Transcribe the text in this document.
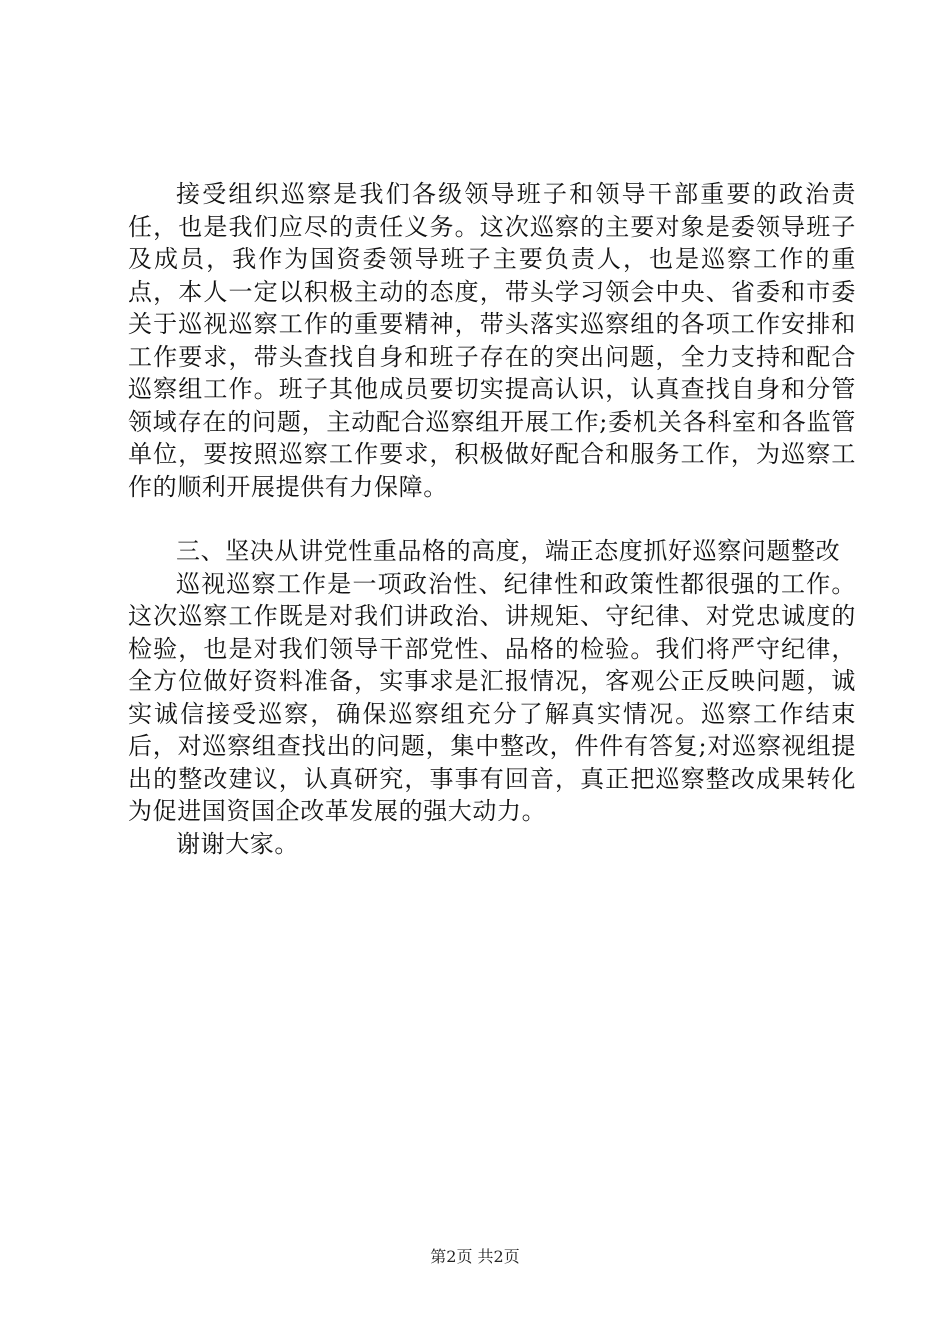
接受组织巡察是我们各级领导班子和领导干部重要的政治责任，也是我们应尽的责任义务。这次巡察的主要对象是委领导班子及成员，我作为国资委领导班子主要负责人，也是巡察工作的重点，本人一定以积极主动的态度，带头学习领会中央、省委和市委关于巡视巡察工作的重要精神，带头落实巡察组的各项工作安排和工作要求，带头查找自身和班子存在的突出问题，全力支持和配合巡察组工作。班子其他成员要切实提高认识，认真查找自身和分管领域存在的问题，主动配合巡察组开展工作;委机关各科室和各监管单位，要按照巡察工作要求，积极做好配合和服务工作，为巡察工作的顺利开展提供有力保障。

三、坚决从讲党性重品格的高度，端正态度抓好巡察问题整改

巡视巡察工作是一项政治性、纪律性和政策性都很强的工作。这次巡察工作既是对我们讲政治、讲规矩、守纪律、对党忠诚度的检验，也是对我们领导干部党性、品格的检验。我们将严守纪律，全方位做好资料准备，实事求是汇报情况，客观公正反映问题，诚实诚信接受巡察，确保巡察组充分了解真实情况。巡察工作结束后，对巡察组查找出的问题，集中整改，件件有答复;对巡察视组提出的整改建议，认真研究，事事有回音，真正把巡察整改成果转化为促进国资国企改革发展的强大动力。

谢谢大家。

第2页 共2页
